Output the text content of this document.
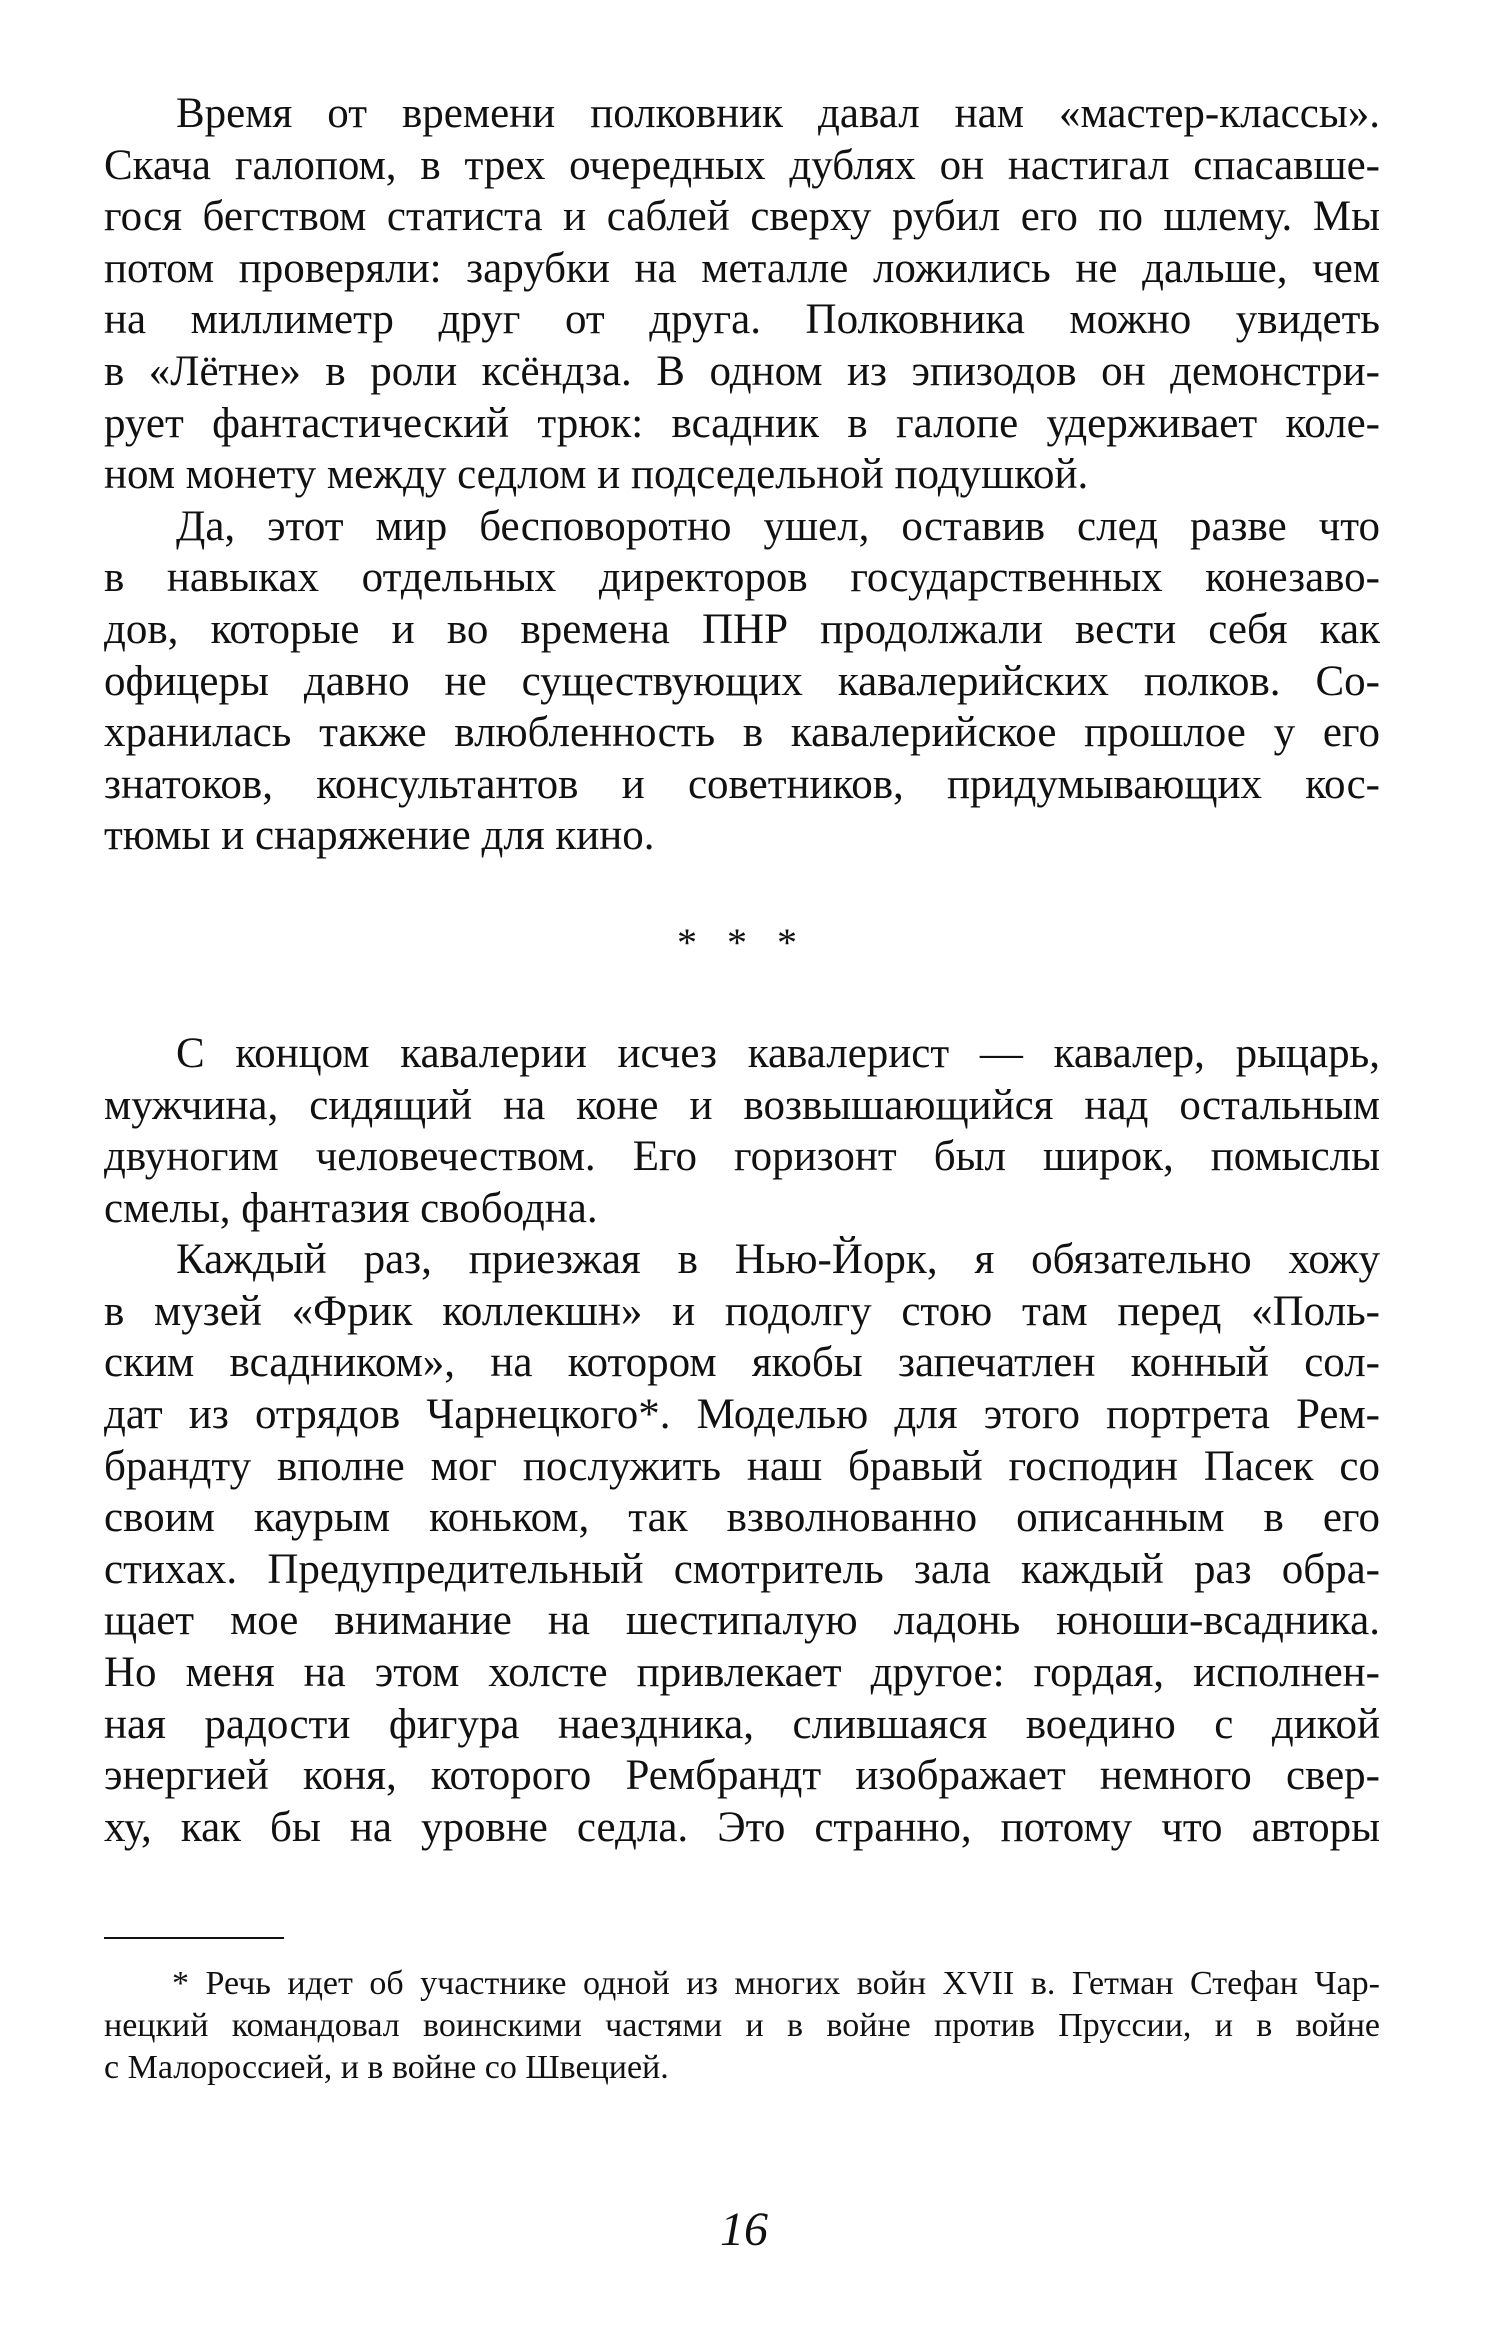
Время от времени полковник давал нам «мастер-классы».
Скача галопом, в трех очередных дублях он настигал спасавше-
гося бегством статиста и саблей сверху рубил его по шлему. Мы
потом проверяли: зарубки на металле ложились не дальше, чем
на миллиметр друг от друга. Полковника можно увидеть
в «Лётне» в роли ксёндза. В одном из эпизодов он демонстри-
рует фантастический трюк: всадник в галопе удерживает коле-
ном монету между седлом и подседельной подушкой.
Да, этот мир бесповоротно ушел, оставив след разве что
в навыках отдельных директоров государственных конезаво-
дов, которые и во времена ПНР продолжали вести себя как
офицеры давно не существующих кавалерийских полков. Со-
хранилась также влюбленность в кавалерийское прошлое у его
знатоков, консультантов и советников, придумывающих кос-
тюмы и снаряжение для кино.
* * *
С концом кавалерии исчез кавалерист — кавалер, рыцарь,
мужчина, сидящий на коне и возвышающийся над остальным
двуногим человечеством. Его горизонт был широк, помыслы
смелы, фантазия свободна.
Каждый раз, приезжая в Нью-Йорк, я обязательно хожу
в музей «Фрик коллекшн» и подолгу стою там перед «Поль-
ским всадником», на котором якобы запечатлен конный сол-
дат из отрядов Чарнецкого*. Моделью для этого портрета Рем-
брандту вполне мог послужить наш бравый господин Пасек со
своим каурым коньком, так взволнованно описанным в его
стихах. Предупредительный смотритель зала каждый раз обра-
щает мое внимание на шестипалую ладонь юноши-всадника.
Но меня на этом холсте привлекает другое: гордая, исполнен-
ная радости фигура наездника, слившаяся воедино с дикой
энергией коня, которого Рембрандт изображает немного свер-
ху, как бы на уровне седла. Это странно, потому что авторы
* Речь идет об участнике одной из многих войн XVII в. Гетман Стефан Чар-
нецкий командовал воинскими частями и в войне против Пруссии, и в войне
с Малороссией, и в войне со Швецией.
16
